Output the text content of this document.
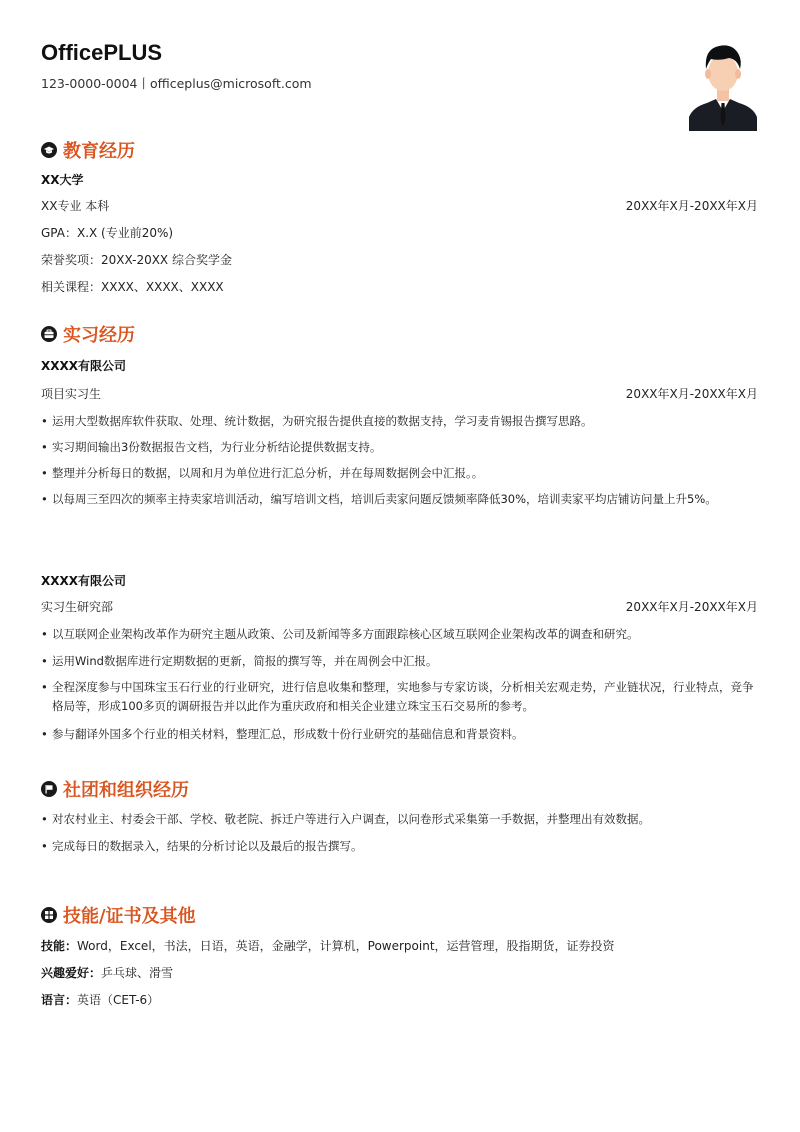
OfficePLUS
123-0000-0004丨officeplus@microsoft.com
教育经历
XX大学
XX专业 本科	20XX年X月-20XX年X月
GPA：X.X (专业前20%)
荣誉奖项：20XX-20XX 综合奖学金
相关课程：XXXX、XXXX、XXXX
实习经历
XXXX有限公司
项目实习生	20XX年X月-20XX年X月
• 运用大型数据库软件获取、处理、统计数据，为研究报告提供直接的数据支持，学习麦肯锡报告撰写思路。
• 实习期间输出3份数据报告文档，为行业分析结论提供数据支持。
• 整理并分析每日的数据，以周和月为单位进行汇总分析，并在每周数据例会中汇报。。
• 以每周三至四次的频率主持卖家培训活动，编写培训文档，培训后卖家问题反馈频率降低30%，培训卖家平均店铺访问量上升5%。
XXXX有限公司
实习生研究部	20XX年X月-20XX年X月
• 以互联网企业架构改革作为研究主题从政策、公司及新闻等多方面跟踪核心区域互联网企业架构改革的调查和研究。
• 运用Wind数据库进行定期数据的更新，简报的撰写等，并在周例会中汇报。
• 全程深度参与中国珠宝玉石行业的行业研究，进行信息收集和整理，实地参与专家访谈，分析相关宏观走势，产业链状况，行业特点，竞争格局等，形成100多页的调研报告并以此作为重庆政府和相关企业建立珠宝玉石交易所的参考。
• 参与翻译外国多个行业的相关材料，整理汇总，形成数十份行业研究的基础信息和背景资料。
社团和组织经历
• 对农村业主、村委会干部、学校、敬老院、拆迁户等进行入户调查，以问卷形式采集第一手数据，并整理出有效数据。
• 完成每日的数据录入，结果的分析讨论以及最后的报告撰写。
技能/证书及其他
技能：Word，Excel，书法，日语，英语，金融学，计算机，Powerpoint，运营管理，股指期货，证券投资
兴趣爱好：乒乓球、滑雪
语言：英语（CET-6）
